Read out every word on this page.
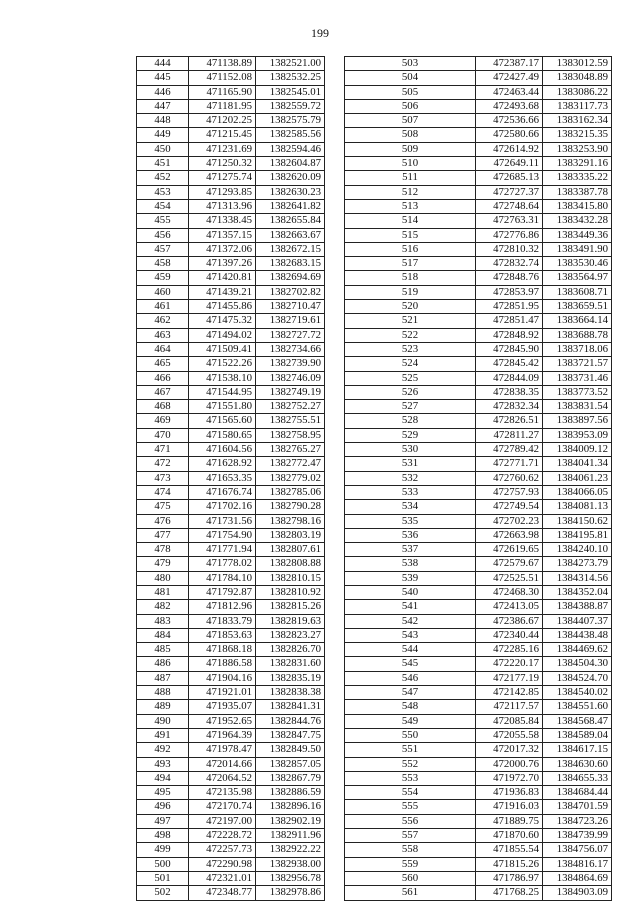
199
444	471138.89	1382521.00
445	471152.08	1382532.25
446	471165.90	1382545.01
447	471181.95	1382559.72
448	471202.25	1382575.79
449	471215.45	1382585.56
450	471231.69	1382594.46
451	471250.32	1382604.87
452	471275.74	1382620.09
453	471293.85	1382630.23
454	471313.96	1382641.82
455	471338.45	1382655.84
456	471357.15	1382663.67
457	471372.06	1382672.15
458	471397.26	1382683.15
459	471420.81	1382694.69
460	471439.21	1382702.82
461	471455.86	1382710.47
462	471475.32	1382719.61
463	471494.02	1382727.72
464	471509.41	1382734.66
465	471522.26	1382739.90
466	471538.10	1382746.09
467	471544.95	1382749.19
468	471551.80	1382752.27
469	471565.60	1382755.51
470	471580.65	1382758.95
471	471604.56	1382765.27
472	471628.92	1382772.47
473	471653.35	1382779.02
474	471676.74	1382785.06
475	471702.16	1382790.28
476	471731.56	1382798.16
477	471754.90	1382803.19
478	471771.94	1382807.61
479	471778.02	1382808.88
480	471784.10	1382810.15
481	471792.87	1382810.92
482	471812.96	1382815.26
483	471833.79	1382819.63
484	471853.63	1382823.27
485	471868.18	1382826.70
486	471886.58	1382831.60
487	471904.16	1382835.19
488	471921.01	1382838.38
489	471935.07	1382841.31
490	471952.65	1382844.76
491	471964.39	1382847.75
492	471978.47	1382849.50
493	472014.66	1382857.05
494	472064.52	1382867.79
495	472135.98	1382886.59
496	472170.74	1382896.16
497	472197.00	1382902.19
498	472228.72	1382911.96
499	472257.73	1382922.22
500	472290.98	1382938.00
501	472321.01	1382956.78
502	472348.77	1382978.86
503	472387.17	1383012.59
504	472427.49	1383048.89
505	472463.44	1383086.22
506	472493.68	1383117.73
507	472536.66	1383162.34
508	472580.66	1383215.35
509	472614.92	1383253.90
510	472649.11	1383291.16
511	472685.13	1383335.22
512	472727.37	1383387.78
513	472748.64	1383415.80
514	472763.31	1383432.28
515	472776.86	1383449.36
516	472810.32	1383491.90
517	472832.74	1383530.46
518	472848.76	1383564.97
519	472853.97	1383608.71
520	472851.95	1383659.51
521	472851.47	1383664.14
522	472848.92	1383688.78
523	472845.90	1383718.06
524	472845.42	1383721.57
525	472844.09	1383731.46
526	472838.35	1383773.52
527	472832.34	1383831.54
528	472826.51	1383897.56
529	472811.27	1383953.09
530	472789.42	1384009.12
531	472771.71	1384041.34
532	472760.62	1384061.23
533	472757.93	1384066.05
534	472749.54	1384081.13
535	472702.23	1384150.62
536	472663.98	1384195.81
537	472619.65	1384240.10
538	472579.67	1384273.79
539	472525.51	1384314.56
540	472468.30	1384352.04
541	472413.05	1384388.87
542	472386.67	1384407.37
543	472340.44	1384438.48
544	472285.16	1384469.62
545	472220.17	1384504.30
546	472177.19	1384524.70
547	472142.85	1384540.02
548	472117.57	1384551.60
549	472085.84	1384568.47
550	472055.58	1384589.04
551	472017.32	1384617.15
552	472000.76	1384630.60
553	471972.70	1384655.33
554	471936.83	1384684.44
555	471916.03	1384701.59
556	471889.75	1384723.26
557	471870.60	1384739.99
558	471855.54	1384756.07
559	471815.26	1384816.17
560	471786.97	1384864.69
561	471768.25	1384903.09
